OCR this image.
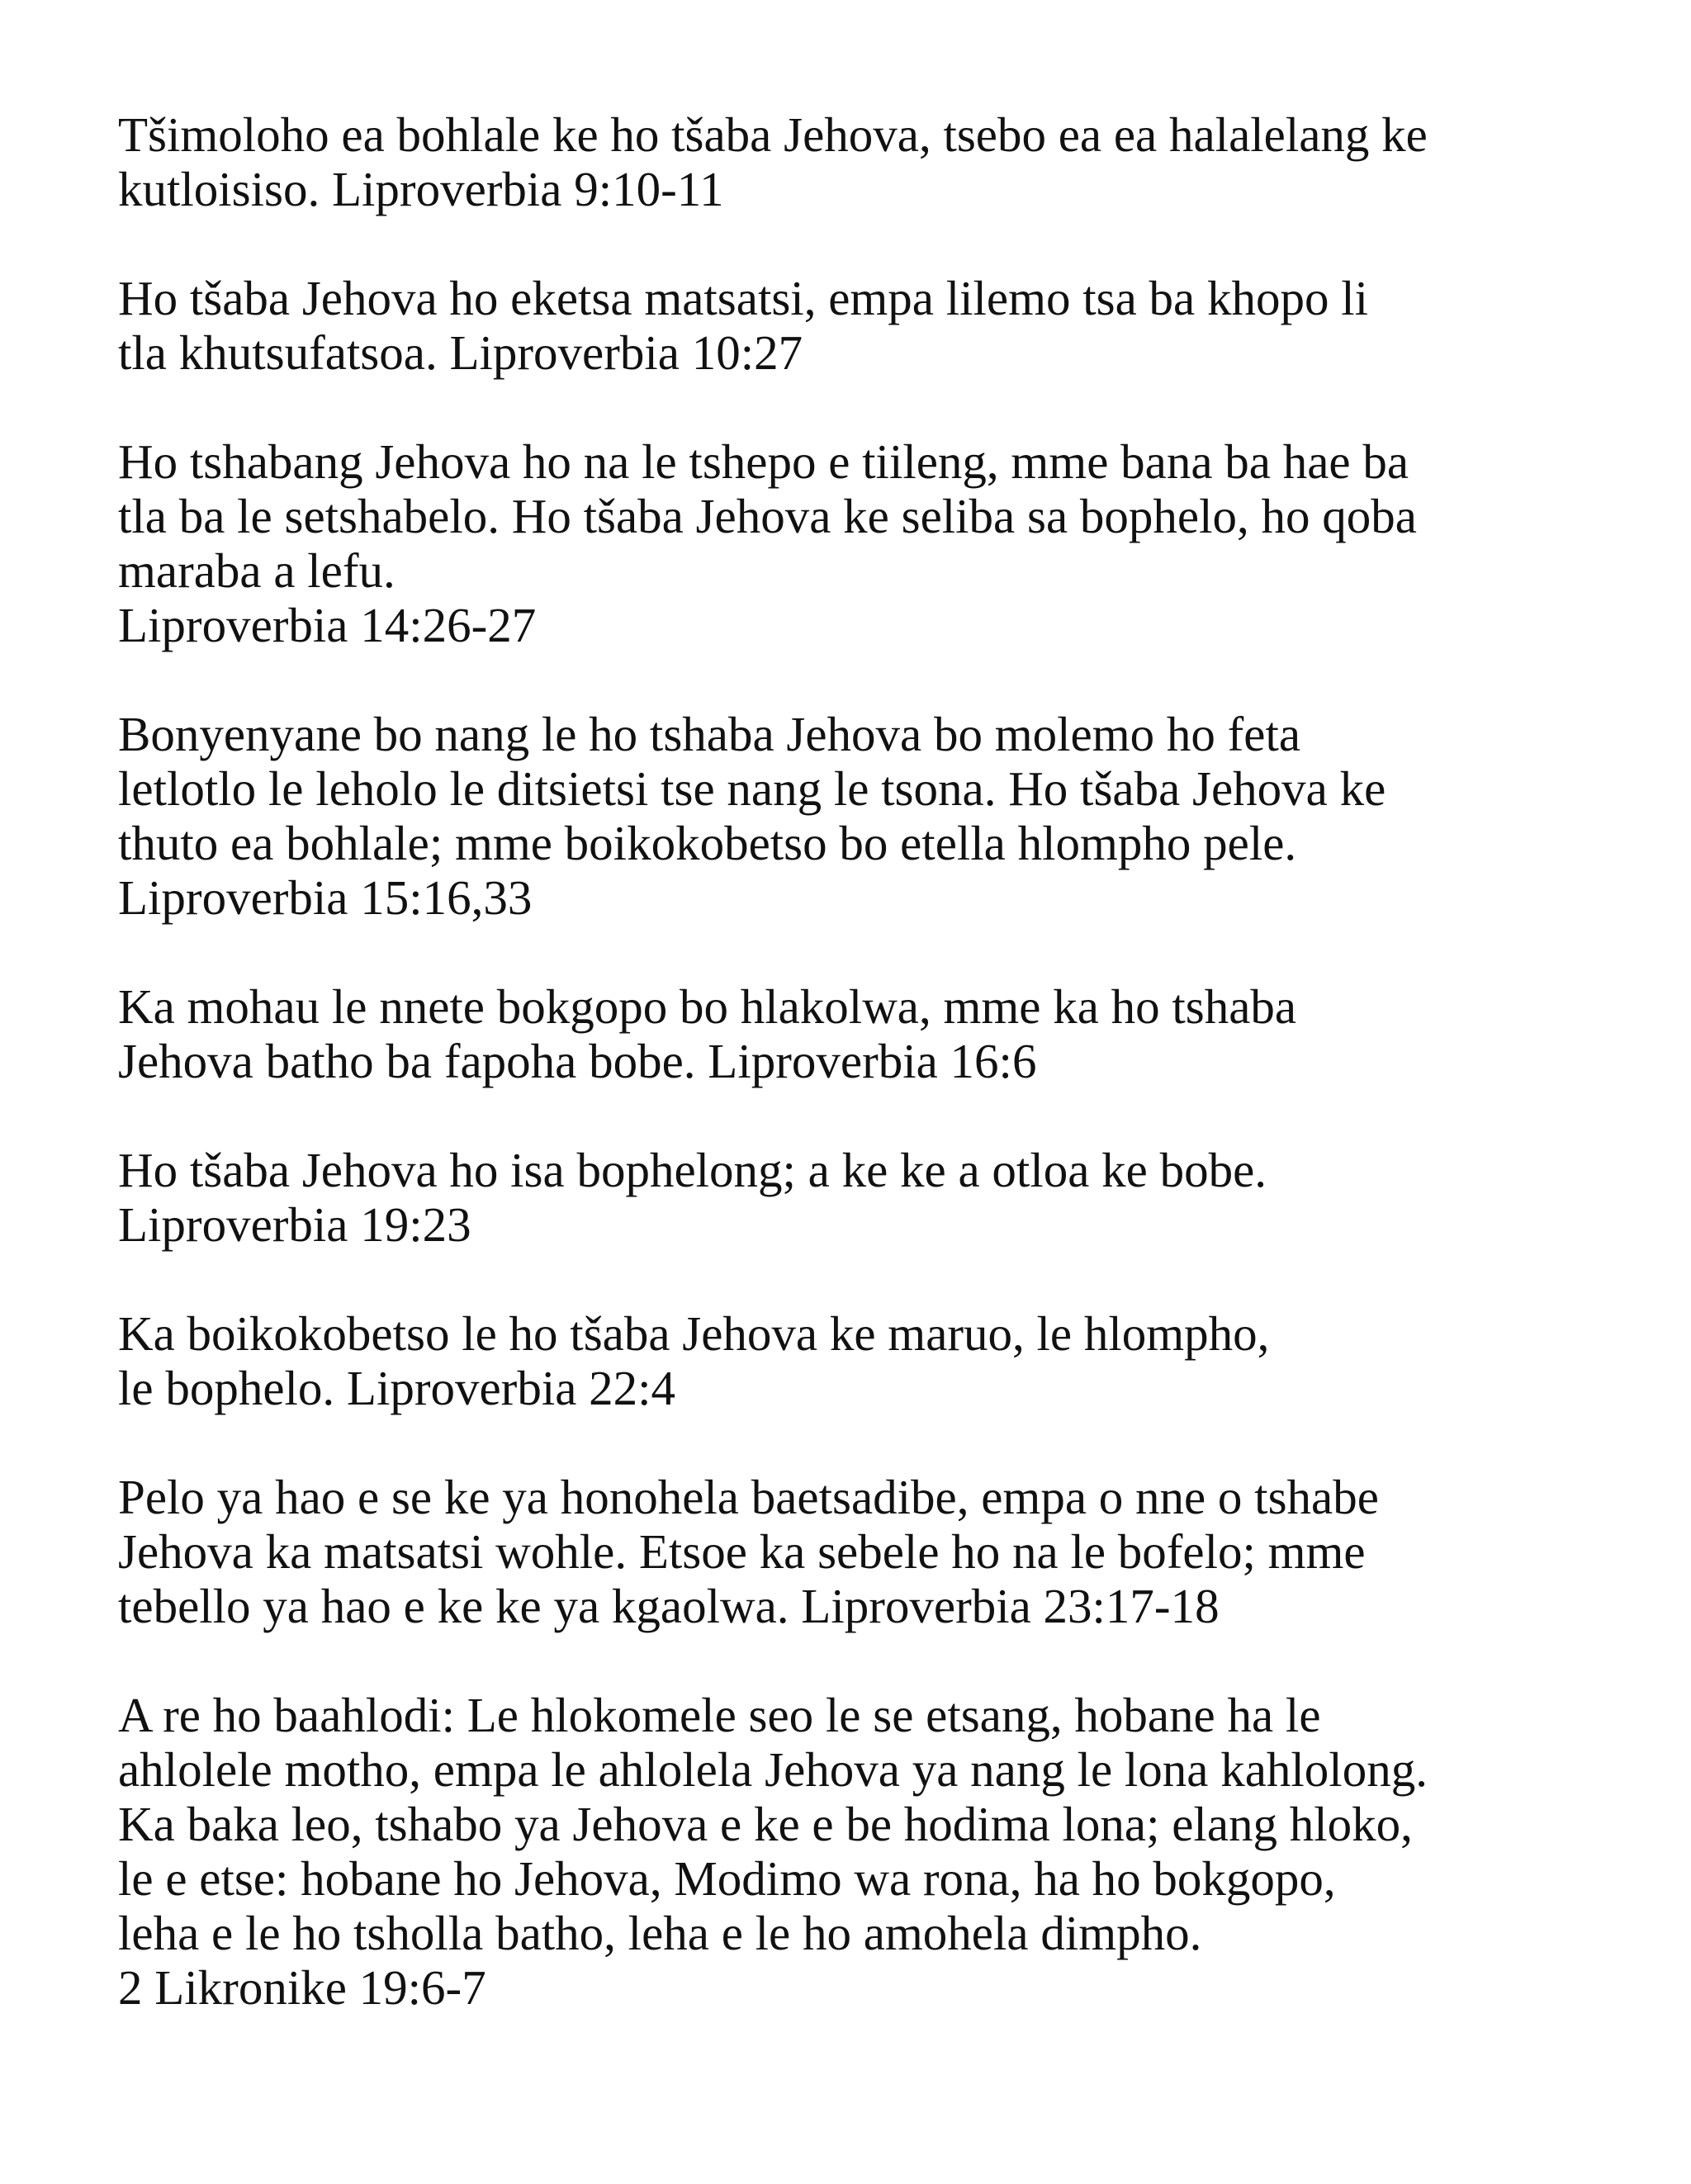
Tšimoloho ea bohlale ke ho tšaba Jehova, tsebo ea ea halalelang ke
kutloisiso. Liproverbia 9:10-11

Ho tšaba Jehova ho eketsa matsatsi, empa lilemo tsa ba khopo li
tla khutsufatsoa. Liproverbia 10:27

Ho tshabang Jehova ho na le tshepo e tiileng, mme bana ba hae ba
tla ba le setshabelo. Ho tšaba Jehova ke seliba sa bophelo, ho qoba
maraba a lefu.
Liproverbia 14:26-27

Bonyenyane bo nang le ho tshaba Jehova bo molemo ho feta
letlotlo le leholo le ditsietsi tse nang le tsona. Ho tšaba Jehova ke
thuto ea bohlale; mme boikokobetso bo etella hlompho pele.
Liproverbia 15:16,33

Ka mohau le nnete bokgopo bo hlakolwa, mme ka ho tshaba
Jehova batho ba fapoha bobe. Liproverbia 16:6

Ho tšaba Jehova ho isa bophelong; a ke ke a otloa ke bobe.
Liproverbia 19:23

Ka boikokobetso le ho tšaba Jehova ke maruo, le hlompho,
le bophelo. Liproverbia 22:4

Pelo ya hao e se ke ya honohela baetsadibe, empa o nne o tshabe
Jehova ka matsatsi wohle. Etsoe ka sebele ho na le bofelo; mme
tebello ya hao e ke ke ya kgaolwa. Liproverbia 23:17-18

A re ho baahlodi: Le hlokomele seo le se etsang, hobane ha le
ahlolele motho, empa le ahlolela Jehova ya nang le lona kahlolong.
Ka baka leo, tshabo ya Jehova e ke e be hodima lona; elang hloko,
le e etse: hobane ho Jehova, Modimo wa rona, ha ho bokgopo,
leha e le ho tsholla batho, leha e le ho amohela dimpho.
2 Likronike 19:6-7
